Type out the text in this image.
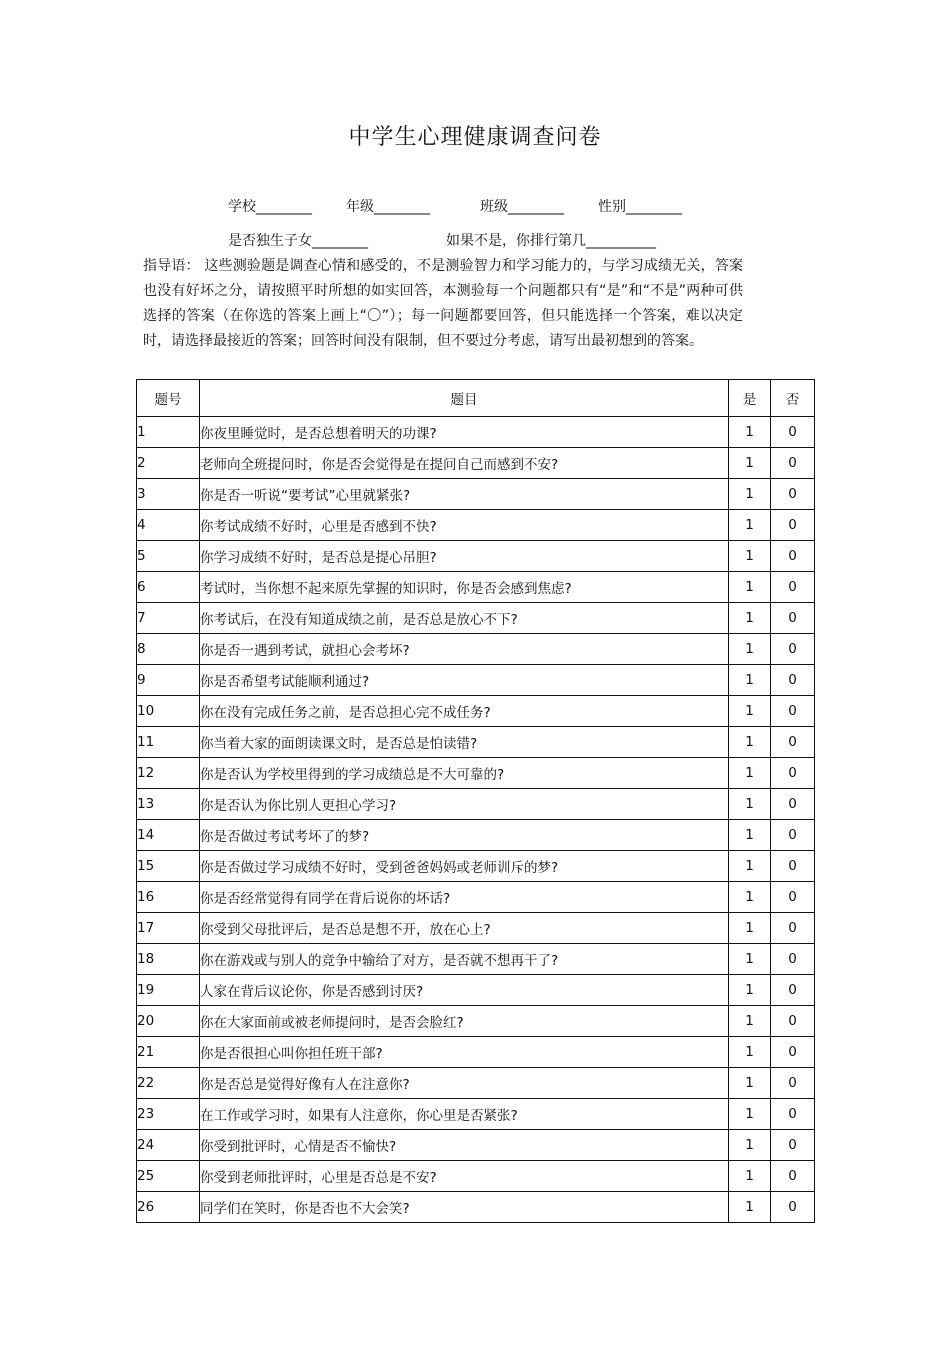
中学生心理健康调查问卷
学校________ 年级________	班级________ 性别________
是否独生子女________	如果不是，你排行第几__________
指导语： 这些测验题是调查心情和感受的，不是测验智力和学习能力的，与学习成绩无关，答案也没有好坏之分，请按照平时所想的如实回答，本测验每一个问题都只有“是”和“不是”两种可供选择的答案（在你选的答案上画上“〇”）；每一问题都要回答，但只能选择一个答案，难以决定时，请选择最接近的答案；回答时间没有限制，但不要过分考虑，请写出最初想到的答案。
题号	题目	是	否
1	你夜里睡觉时，是否总想着明天的功课?	1	0
2	老师向全班提问时，你是否会觉得是在提问自己而感到不安?	1	0
3	你是否一听说“要考试”心里就紧张?	1	0
4	你考试成绩不好时，心里是否感到不快?	1	0
5	你学习成绩不好时，是否总是提心吊胆?	1	0
6	考试时，当你想不起来原先掌握的知识时，你是否会感到焦虑?	1	0
7	你考试后，在没有知道成绩之前，是否总是放心不下?	1	0
8	你是否一遇到考试，就担心会考坏?	1	0
9	你是否希望考试能顺利通过?	1	0
10	你在没有完成任务之前，是否总担心完不成任务?	1	0
11	你当着大家的面朗读课文时，是否总是怕读错?	1	0
12	你是否认为学校里得到的学习成绩总是不大可靠的?	1	0
13	你是否认为你比别人更担心学习?	1	0
14	你是否做过考试考坏了的梦?	1	0
15	你是否做过学习成绩不好时，受到爸爸妈妈或老师训斥的梦?	1	0
16	你是否经常觉得有同学在背后说你的坏话?	1	0
17	你受到父母批评后，是否总是想不开，放在心上?	1	0
18	你在游戏或与别人的竞争中输给了对方，是否就不想再干了?	1	0
19	人家在背后议论你，你是否感到讨厌?	1	0
20	你在大家面前或被老师提问时，是否会脸红?	1	0
21	你是否很担心叫你担任班干部?	1	0
22	你是否总是觉得好像有人在注意你?	1	0
23	在工作或学习时，如果有人注意你，你心里是否紧张?	1	0
24	你受到批评时，心情是否不愉快?	1	0
25	你受到老师批评时，心里是否总是不安?	1	0
26	同学们在笑时，你是否也不大会笑?	1	0
